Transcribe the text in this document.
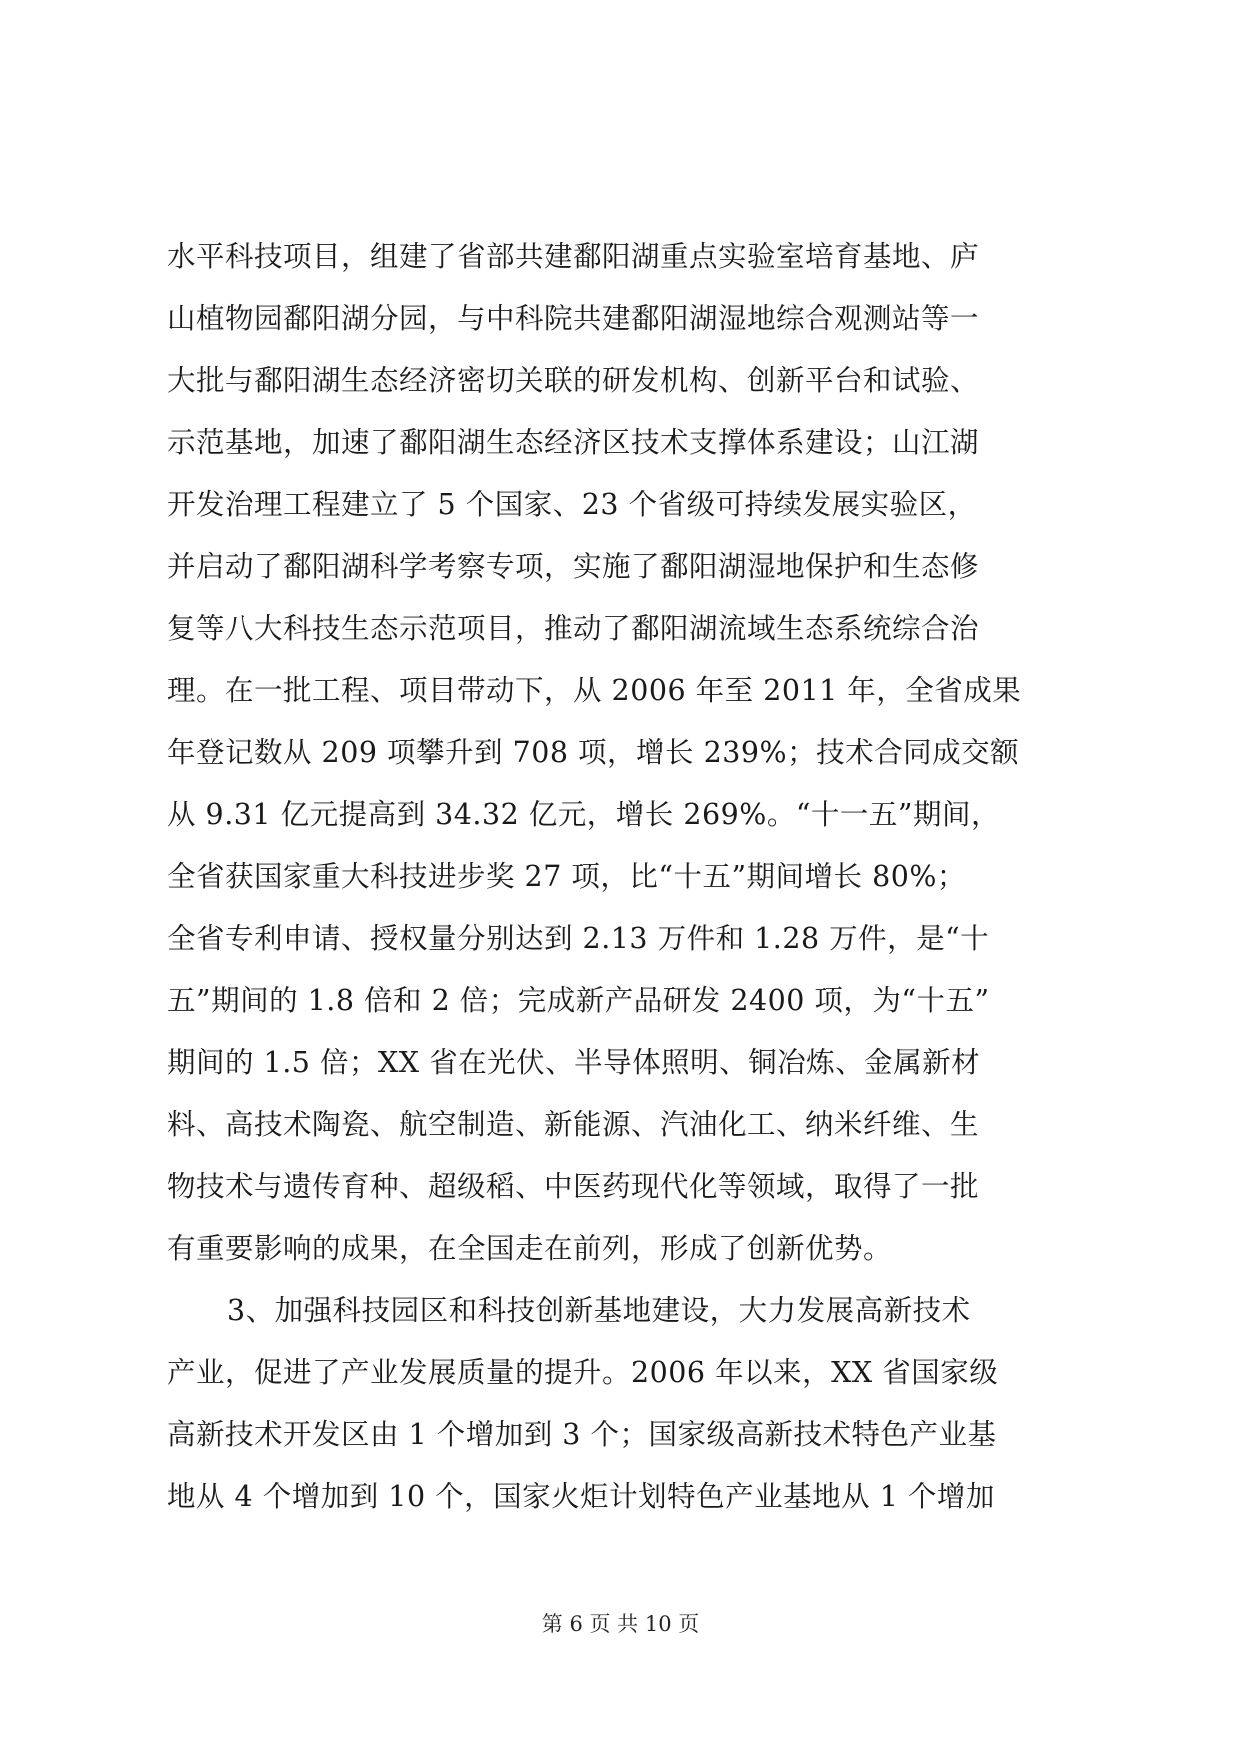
水平科技项目，组建了省部共建鄱阳湖重点实验室培育基地、庐
山植物园鄱阳湖分园，与中科院共建鄱阳湖湿地综合观测站等一
大批与鄱阳湖生态经济密切关联的研发机构、创新平台和试验、
示范基地，加速了鄱阳湖生态经济区技术支撑体系建设；山江湖
开发治理工程建立了 5 个国家、23 个省级可持续发展实验区，
并启动了鄱阳湖科学考察专项，实施了鄱阳湖湿地保护和生态修
复等八大科技生态示范项目，推动了鄱阳湖流域生态系统综合治
理。在一批工程、项目带动下，从 2006 年至 2011 年，全省成果
年登记数从 209 项攀升到 708 项，增长 239%；技术合同成交额
从 9.31 亿元提高到 34.32 亿元，增长 269%。“十一五”期间，
全省获国家重大科技进步奖 27 项，比“十五”期间增长 80%；
全省专利申请、授权量分别达到 2.13 万件和 1.28 万件，是“十
五”期间的 1.8 倍和 2 倍；完成新产品研发 2400 项，为“十五”
期间的 1.5 倍；XX 省在光伏、半导体照明、铜冶炼、金属新材
料、高技术陶瓷、航空制造、新能源、汽油化工、纳米纤维、生
物技术与遗传育种、超级稻、中医药现代化等领域，取得了一批
有重要影响的成果，在全国走在前列，形成了创新优势。
3、加强科技园区和科技创新基地建设，大力发展高新技术
产业，促进了产业发展质量的提升。2006 年以来，XX 省国家级
高新技术开发区由 1 个增加到 3 个；国家级高新技术特色产业基
地从 4 个增加到 10 个，国家火炬计划特色产业基地从 1 个增加
第 6 页 共 10 页
